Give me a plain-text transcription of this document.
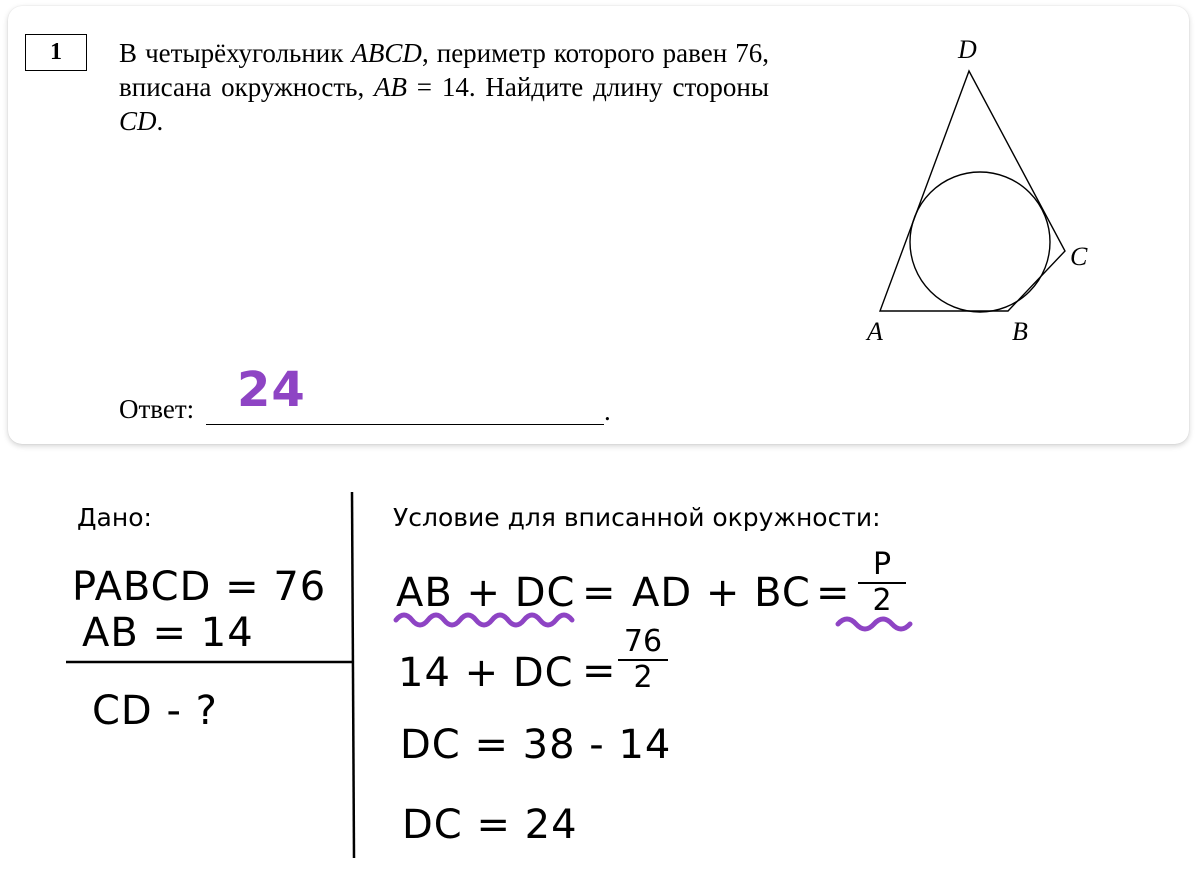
1	В четырёхугольник ABCD, периметр которого равен 76, вписана окружность, AB = 14. Найдите длину стороны CD.
A	B
C
D
24
Ответ:	.
Дано:
PABCD = 76
AB = 14
CD - ?
Условие для вписанной окружности:
AB + DC = AD + BC =
P
2
14 + DC =
76
2
DC = 38 - 14
DC = 24
